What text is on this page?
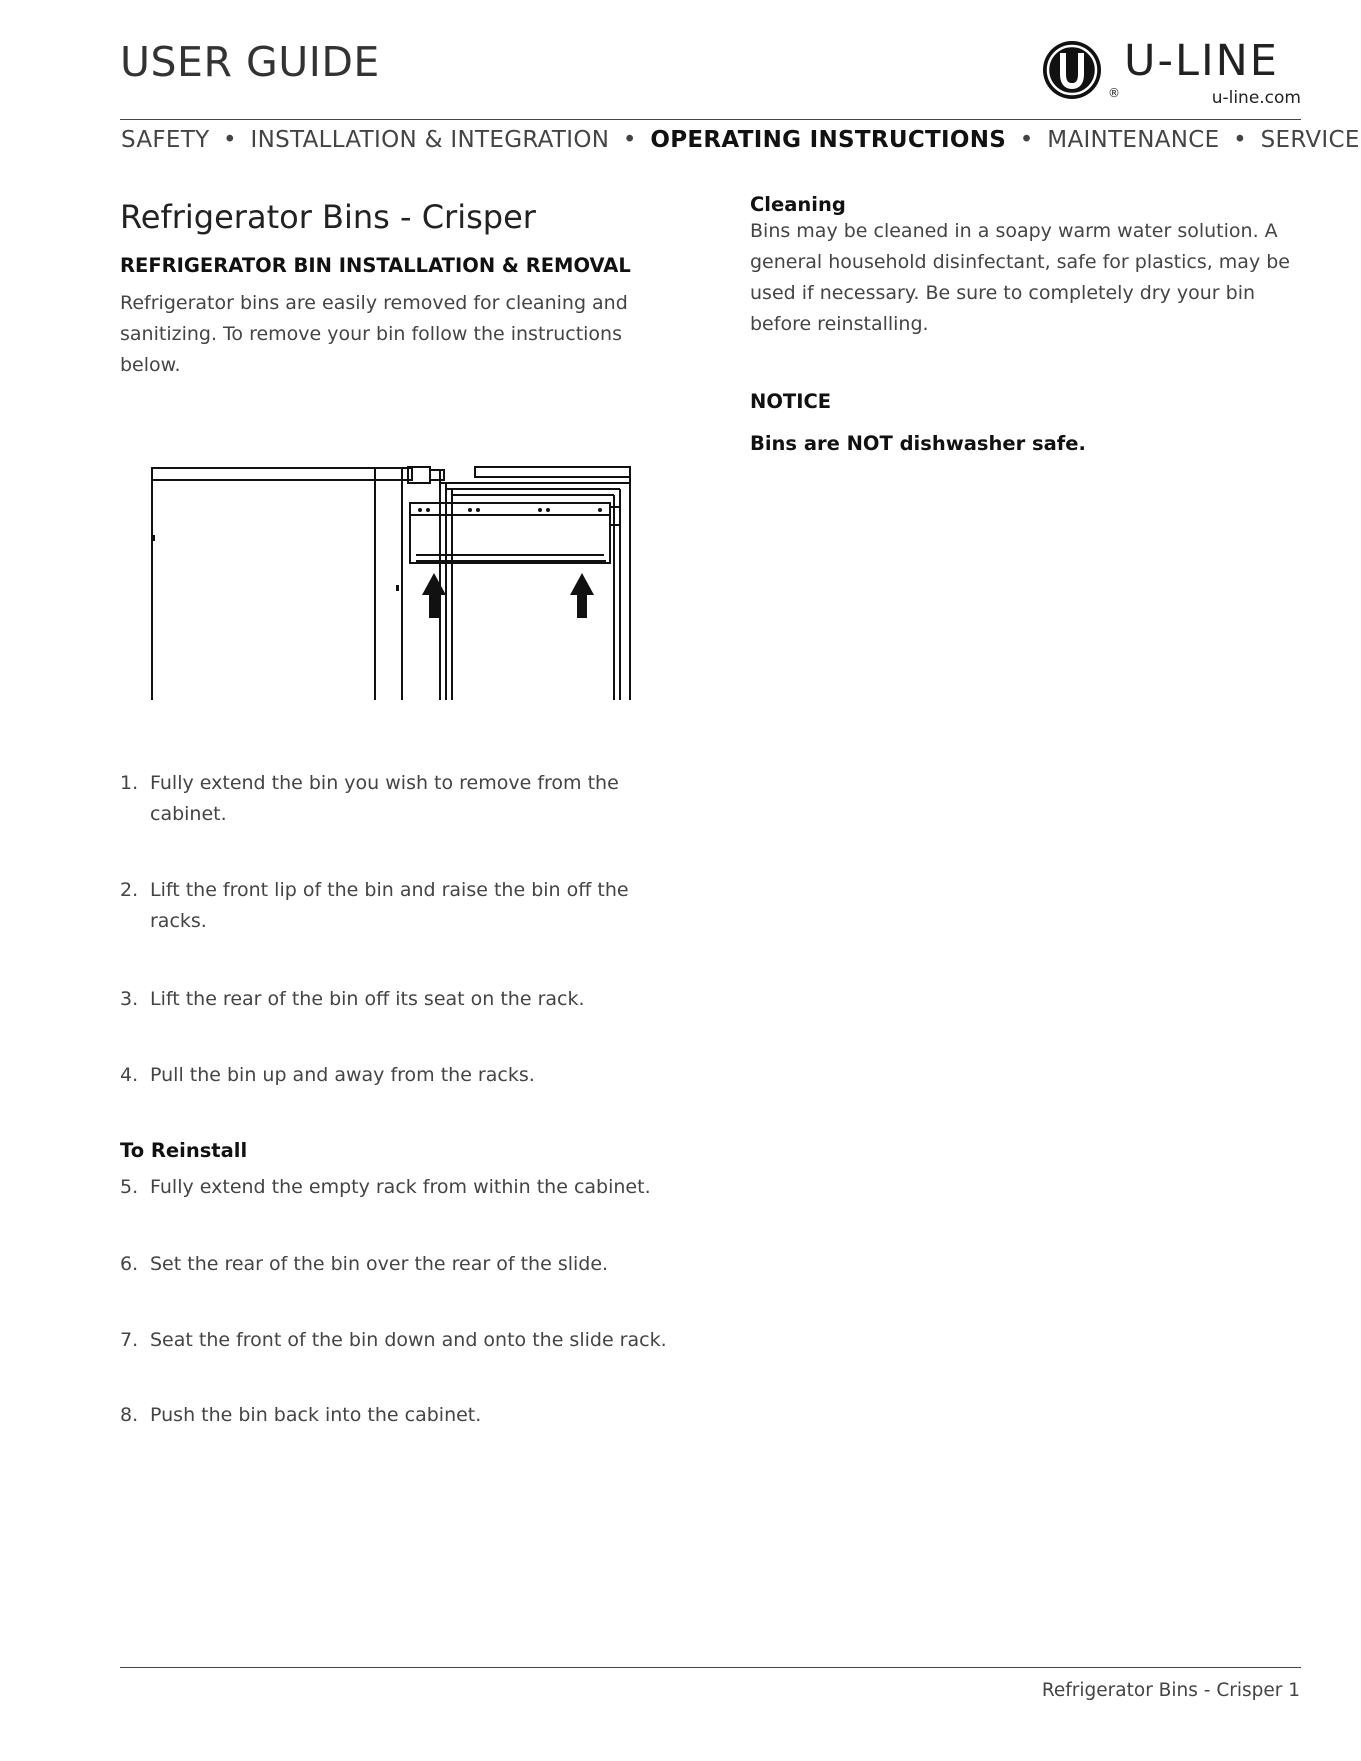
USER GUIDE
®
U-LINE
u-line.com
SAFETY • INSTALLATION & INTEGRATION • OPERATING INSTRUCTIONS • MAINTENANCE • SERVICE
Refrigerator Bins - Crisper
REFRIGERATOR BIN INSTALLATION & REMOVAL
Refrigerator bins are easily removed for cleaning and sanitizing. To remove your bin follow the instructions below.
1. Fully extend the bin you wish to remove from the cabinet.
2. Lift the front lip of the bin and raise the bin off the racks.
3. Lift the rear of the bin off its seat on the rack.
4. Pull the bin up and away from the racks.
To Reinstall
5. Fully extend the empty rack from within the cabinet.
6. Set the rear of the bin over the rear of the slide.
7. Seat the front of the bin down and onto the slide rack.
8. Push the bin back into the cabinet.
Cleaning
Bins may be cleaned in a soapy warm water solution. A general household disinfectant, safe for plastics, may be used if necessary. Be sure to completely dry your bin before reinstalling.
NOTICE
Bins are NOT dishwasher safe.
Refrigerator Bins - Crisper 1
